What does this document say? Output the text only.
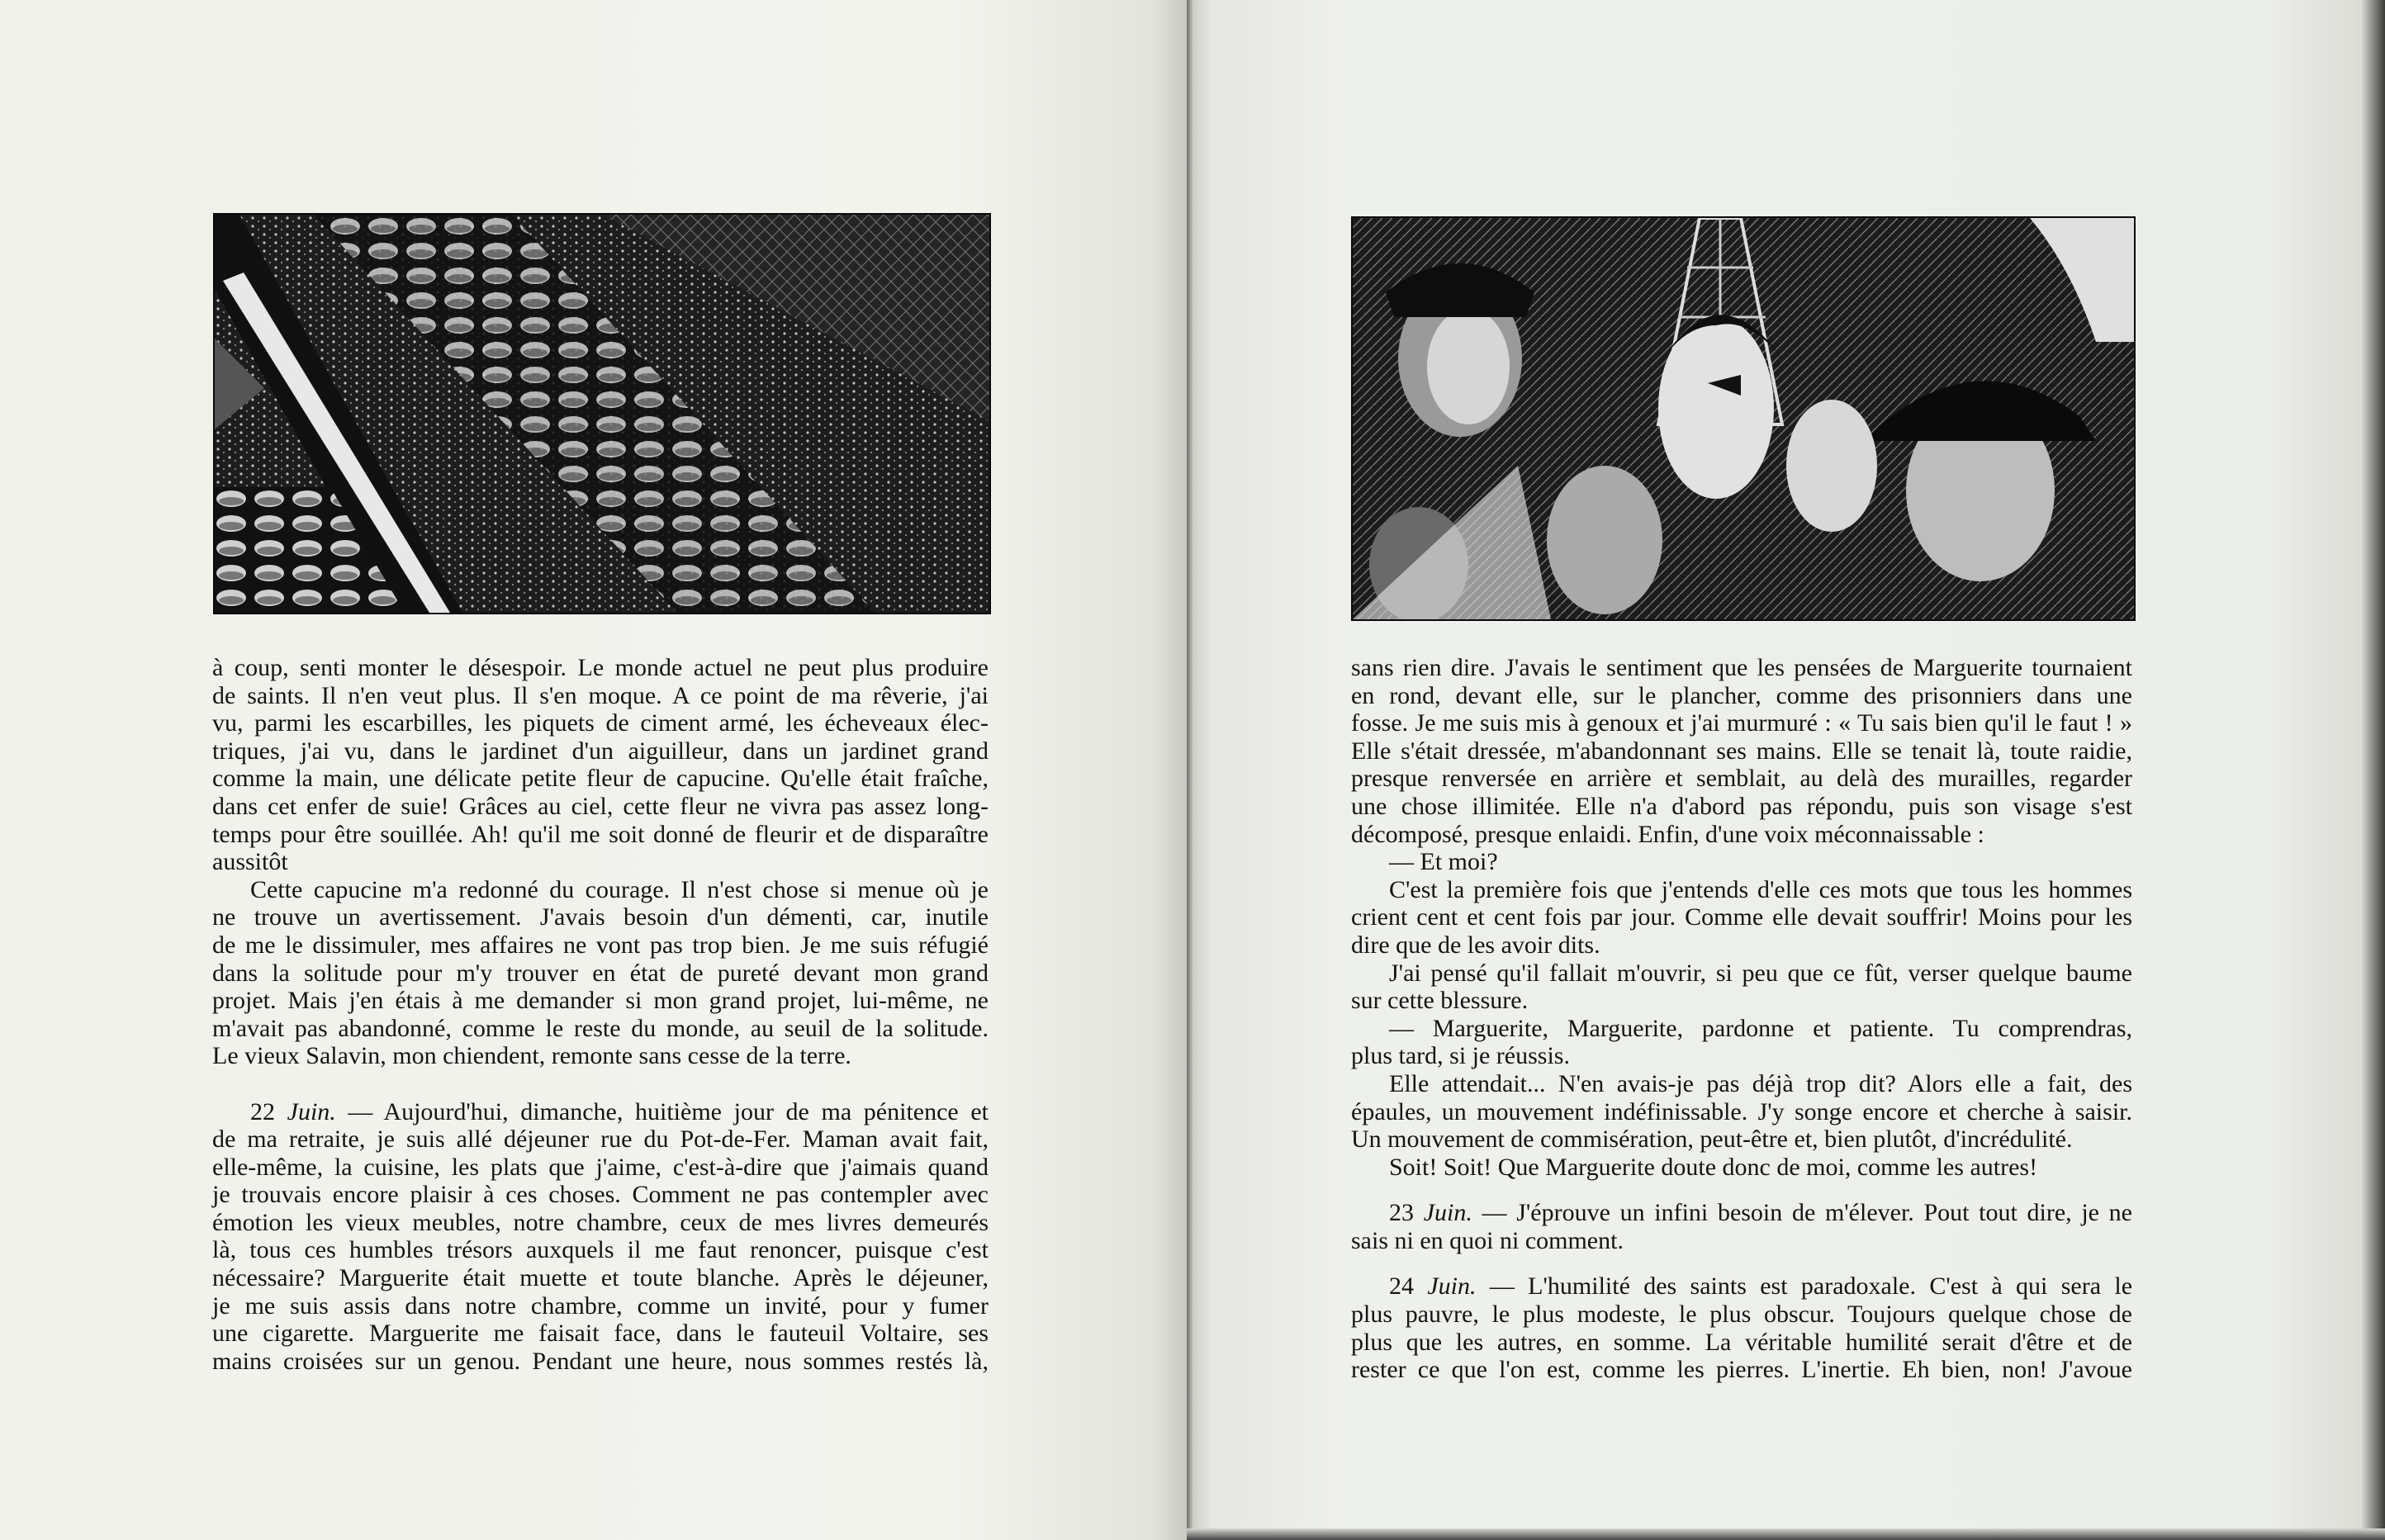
à coup, senti monter le désespoir. Le monde actuel ne peut plus produire
de saints. Il n'en veut plus. Il s'en moque. A ce point de ma rêverie, j'ai
vu, parmi les escarbilles, les piquets de ciment armé, les écheveaux élec-
triques, j'ai vu, dans le jardinet d'un aiguilleur, dans un jardinet grand
comme la main, une délicate petite fleur de capucine. Qu'elle était fraîche,
dans cet enfer de suie! Grâces au ciel, cette fleur ne vivra pas assez long-
temps pour être souillée. Ah! qu'il me soit donné de fleurir et de disparaître
aussitôt
Cette capucine m'a redonné du courage. Il n'est chose si menue où je
ne trouve un avertissement. J'avais besoin d'un démenti, car, inutile
de me le dissimuler, mes affaires ne vont pas trop bien. Je me suis réfugié
dans la solitude pour m'y trouver en état de pureté devant mon grand
projet. Mais j'en étais à me demander si mon grand projet, lui-même, ne
m'avait pas abandonné, comme le reste du monde, au seuil de la solitude.
Le vieux Salavin, mon chiendent, remonte sans cesse de la terre.
22 Juin. — Aujourd'hui, dimanche, huitième jour de ma pénitence et
de ma retraite, je suis allé déjeuner rue du Pot-de-Fer. Maman avait fait,
elle-même, la cuisine, les plats que j'aime, c'est-à-dire que j'aimais quand
je trouvais encore plaisir à ces choses. Comment ne pas contempler avec
émotion les vieux meubles, notre chambre, ceux de mes livres demeurés
là, tous ces humbles trésors auxquels il me faut renoncer, puisque c'est
nécessaire? Marguerite était muette et toute blanche. Après le déjeuner,
je me suis assis dans notre chambre, comme un invité, pour y fumer
une cigarette. Marguerite me faisait face, dans le fauteuil Voltaire, ses
mains croisées sur un genou. Pendant une heure, nous sommes restés là,
sans rien dire. J'avais le sentiment que les pensées de Marguerite tournaient
en rond, devant elle, sur le plancher, comme des prisonniers dans une
fosse. Je me suis mis à genoux et j'ai murmuré : « Tu sais bien qu'il le faut ! »
Elle s'était dressée, m'abandonnant ses mains. Elle se tenait là, toute raidie,
presque renversée en arrière et semblait, au delà des murailles, regarder
une chose illimitée. Elle n'a d'abord pas répondu, puis son visage s'est
décomposé, presque enlaidi. Enfin, d'une voix méconnaissable :
— Et moi?
C'est la première fois que j'entends d'elle ces mots que tous les hommes
crient cent et cent fois par jour. Comme elle devait souffrir! Moins pour les
dire que de les avoir dits.
J'ai pensé qu'il fallait m'ouvrir, si peu que ce fût, verser quelque baume
sur cette blessure.
— Marguerite, Marguerite, pardonne et patiente. Tu comprendras,
plus tard, si je réussis.
Elle attendait... N'en avais-je pas déjà trop dit? Alors elle a fait, des
épaules, un mouvement indéfinissable. J'y songe encore et cherche à saisir.
Un mouvement de commisération, peut-être et, bien plutôt, d'incrédulité.
Soit! Soit! Que Marguerite doute donc de moi, comme les autres!
23 Juin. — J'éprouve un infini besoin de m'élever. Pout tout dire, je ne
sais ni en quoi ni comment.
24 Juin. — L'humilité des saints est paradoxale. C'est à qui sera le
plus pauvre, le plus modeste, le plus obscur. Toujours quelque chose de
plus que les autres, en somme. La véritable humilité serait d'être et de
rester ce que l'on est, comme les pierres. L'inertie. Eh bien, non! J'avoue
